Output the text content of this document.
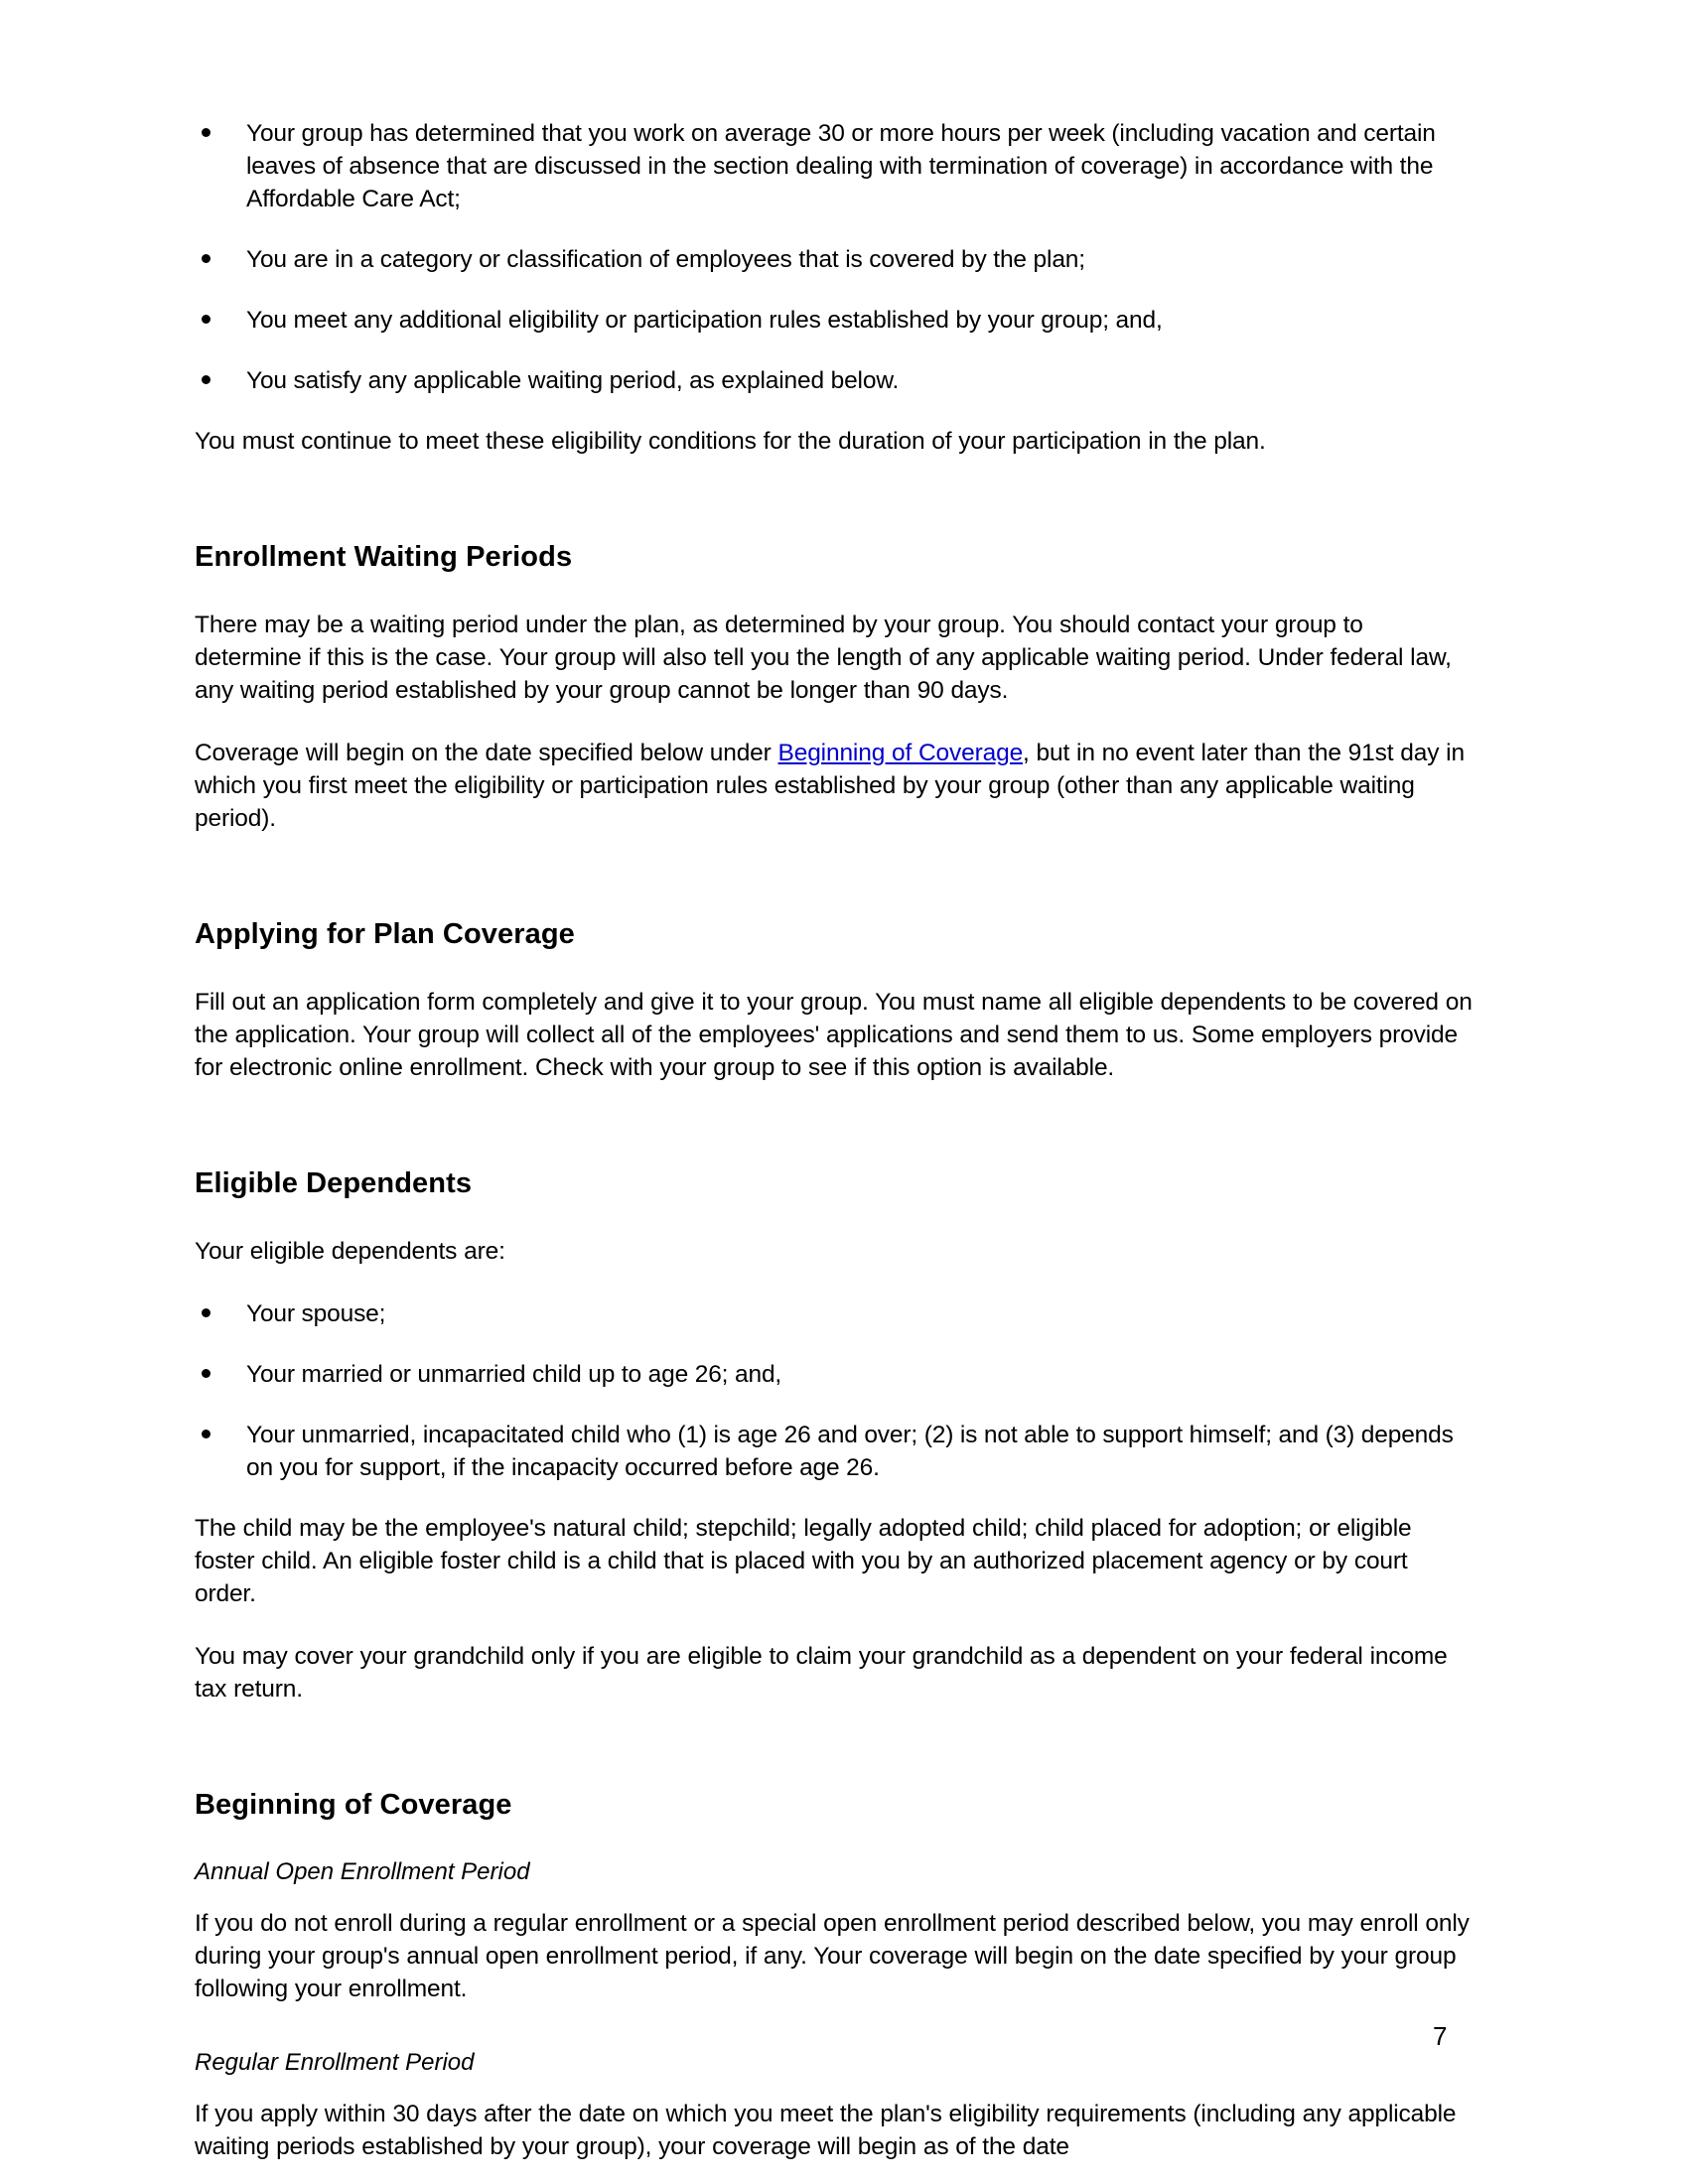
Your group has determined that you work on average 30 or more hours per week (including vacation and certain leaves of absence that are discussed in the section dealing with termination of coverage) in accordance with the Affordable Care Act;
You are in a category or classification of employees that is covered by the plan;
You meet any additional eligibility or participation rules established by your group; and,
You satisfy any applicable waiting period, as explained below.

You must continue to meet these eligibility conditions for the duration of your participation in the plan.

Enrollment Waiting Periods

There may be a waiting period under the plan, as determined by your group. You should contact your group to determine if this is the case. Your group will also tell you the length of any applicable waiting period. Under federal law, any waiting period established by your group cannot be longer than 90 days.

Coverage will begin on the date specified below under Beginning of Coverage, but in no event later than the 91st day in which you first meet the eligibility or participation rules established by your group (other than any applicable waiting period).

Applying for Plan Coverage

Fill out an application form completely and give it to your group. You must name all eligible dependents to be covered on the application. Your group will collect all of the employees' applications and send them to us. Some employers provide for electronic online enrollment. Check with your group to see if this option is available.

Eligible Dependents

Your eligible dependents are:

Your spouse;
Your married or unmarried child up to age 26; and,
Your unmarried, incapacitated child who (1) is age 26 and over; (2) is not able to support himself; and (3) depends on you for support, if the incapacity occurred before age 26.

The child may be the employee's natural child; stepchild; legally adopted child; child placed for adoption; or eligible foster child. An eligible foster child is a child that is placed with you by an authorized placement agency or by court order.

You may cover your grandchild only if you are eligible to claim your grandchild as a dependent on your federal income tax return.

Beginning of Coverage

Annual Open Enrollment Period

If you do not enroll during a regular enrollment or a special open enrollment period described below, you may enroll only during your group's annual open enrollment period, if any. Your coverage will begin on the date specified by your group following your enrollment.

Regular Enrollment Period

If you apply within 30 days after the date on which you meet the plan's eligibility requirements (including any applicable waiting periods established by your group), your coverage will begin as of the date

7
